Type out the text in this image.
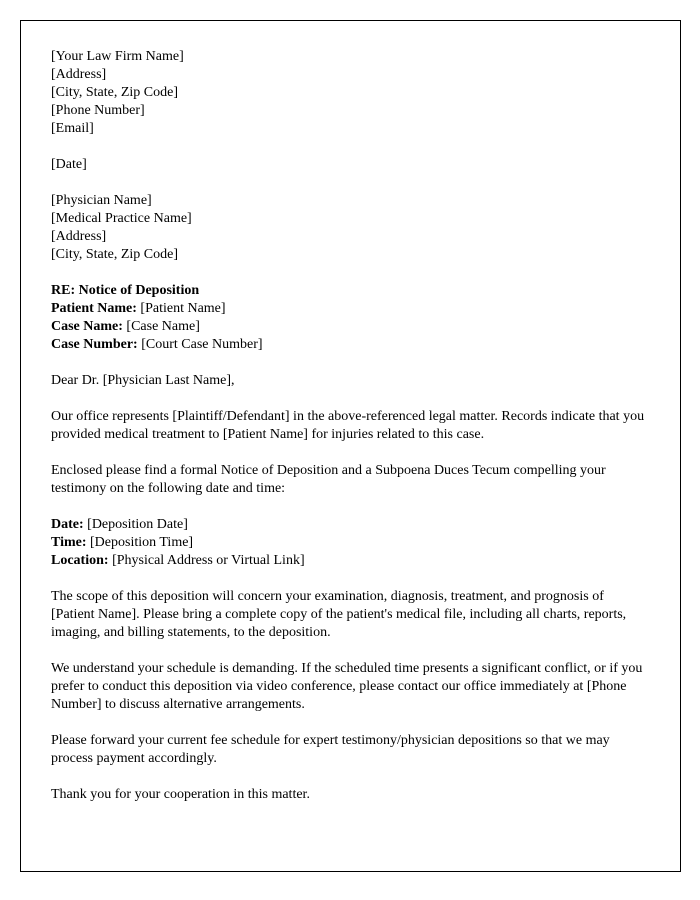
[Your Law Firm Name]
[Address]
[City, State, Zip Code]
[Phone Number]
[Email]
[Date]
[Physician Name]
[Medical Practice Name]
[Address]
[City, State, Zip Code]
RE: Notice of Deposition
Patient Name: [Patient Name]
Case Name: [Case Name]
Case Number: [Court Case Number]

Dear Dr. [Physician Last Name],

Our office represents [Plaintiff/Defendant] in the above-referenced legal matter. Records indicate that you provided medical treatment to [Patient Name] for injuries related to this case.

Enclosed please find a formal Notice of Deposition and a Subpoena Duces Tecum compelling your testimony on the following date and time:

Date: [Deposition Date]
Time: [Deposition Time]
Location: [Physical Address or Virtual Link]

The scope of this deposition will concern your examination, diagnosis, treatment, and prognosis of [Patient Name]. Please bring a complete copy of the patient's medical file, including all charts, reports, imaging, and billing statements, to the deposition.

We understand your schedule is demanding. If the scheduled time presents a significant conflict, or if you prefer to conduct this deposition via video conference, please contact our office immediately at [Phone Number] to discuss alternative arrangements.

Please forward your current fee schedule for expert testimony/physician depositions so that we may process payment accordingly.

Thank you for your cooperation in this matter.
